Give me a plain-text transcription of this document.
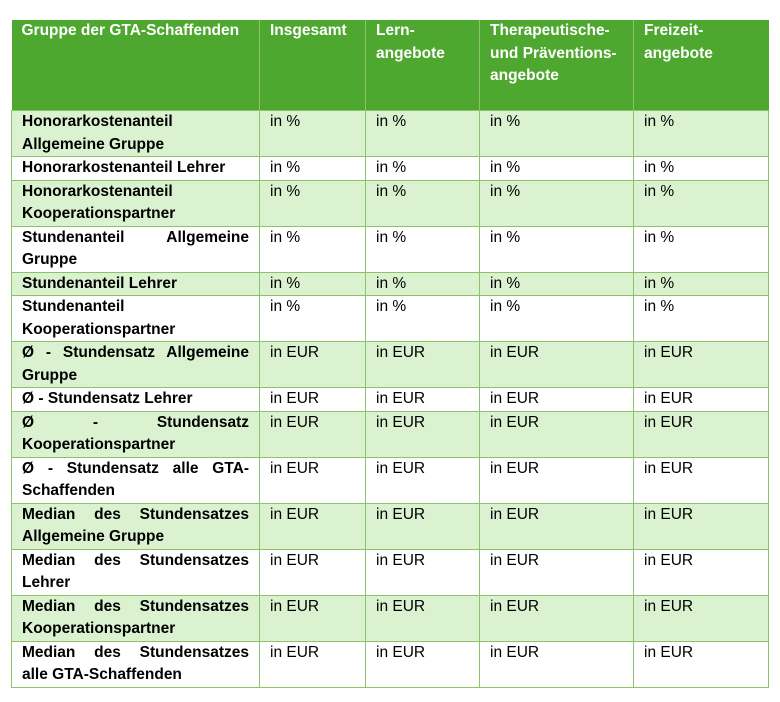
Gruppe der GTA-Schaffenden	Insgesamt	Lern-angebote	Therapeutische- und Präventions-angebote	Freizeit-angebote
Honorarkostenanteil Allgemeine Gruppe	in %	in %	in %	in %
Honorarkostenanteil Lehrer	in %	in %	in %	in %
Honorarkostenanteil Kooperationspartner	in %	in %	in %	in %
Stundenanteil Allgemeine Gruppe	in %	in %	in %	in %
Stundenanteil Lehrer	in %	in %	in %	in %
Stundenanteil Kooperationspartner	in %	in %	in %	in %
Ø - Stundensatz Allgemeine Gruppe	in EUR	in EUR	in EUR	in EUR
Ø - Stundensatz Lehrer	in EUR	in EUR	in EUR	in EUR
Ø - Stundensatz Kooperationspartner	in EUR	in EUR	in EUR	in EUR
Ø - Stundensatz alle GTA-Schaffenden	in EUR	in EUR	in EUR	in EUR
Median des Stundensatzes Allgemeine Gruppe	in EUR	in EUR	in EUR	in EUR
Median des Stundensatzes Lehrer	in EUR	in EUR	in EUR	in EUR
Median des Stundensatzes Kooperationspartner	in EUR	in EUR	in EUR	in EUR
Median des Stundensatzes alle GTA-Schaffenden	in EUR	in EUR	in EUR	in EUR
